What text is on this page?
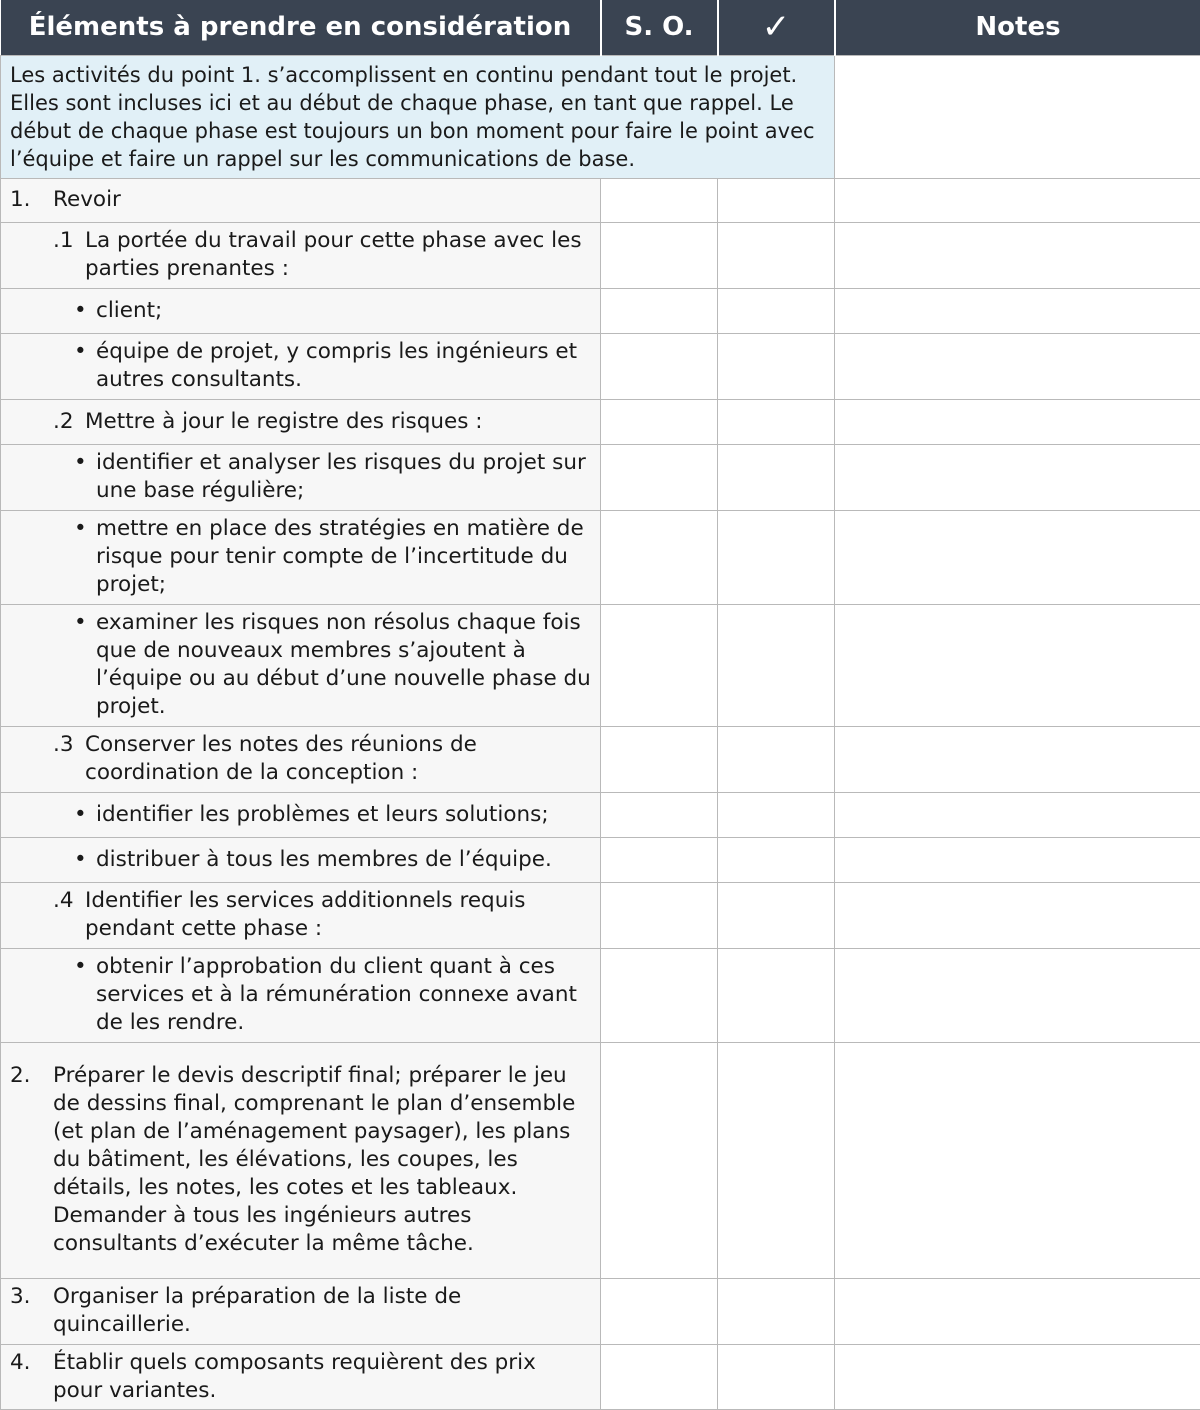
Éléments à prendre en considération	S. O.	✓	Notes
Les activités du point 1. s’accomplissent en continu pendant tout le projet. Elles sont incluses ici et au début de chaque phase, en tant que rappel. Le début de chaque phase est toujours un bon moment pour faire le point avec l’équipe et faire un rappel sur les communications de base.			

1. Revoir			

.1 La portée du travail pour cette phase avec les parties prenantes :			

• client;			

• équipe de projet, y compris les ingénieurs et autres consultants.			

.2 Mettre à jour le registre des risques :			

• identifier et analyser les risques du projet sur une base régulière;			

• mettre en place des stratégies en matière de risque pour tenir compte de l’incertitude du projet;			

• examiner les risques non résolus chaque fois que de nouveaux membres s’ajoutent à l’équipe ou au début d’une nouvelle phase du projet.			

.3 Conserver les notes des réunions de coordination de la conception :			

• identifier les problèmes et leurs solutions;			

• distribuer à tous les membres de l’équipe.			

.4 Identifier les services additionnels requis pendant cette phase :			

• obtenir l’approbation du client quant à ces services et à la rémunération connexe avant de les rendre.			

2. Préparer le devis descriptif final; préparer le jeu de dessins final, comprenant le plan d’ensemble (et plan de l’aménagement paysager), les plans du bâtiment, les élévations, les coupes, les détails, les notes, les cotes et les tableaux. Demander à tous les ingénieurs autres consultants d’exécuter la même tâche.			

3. Organiser la préparation de la liste de quincaillerie.			

4. Établir quels composants requièrent des prix pour variantes.			
